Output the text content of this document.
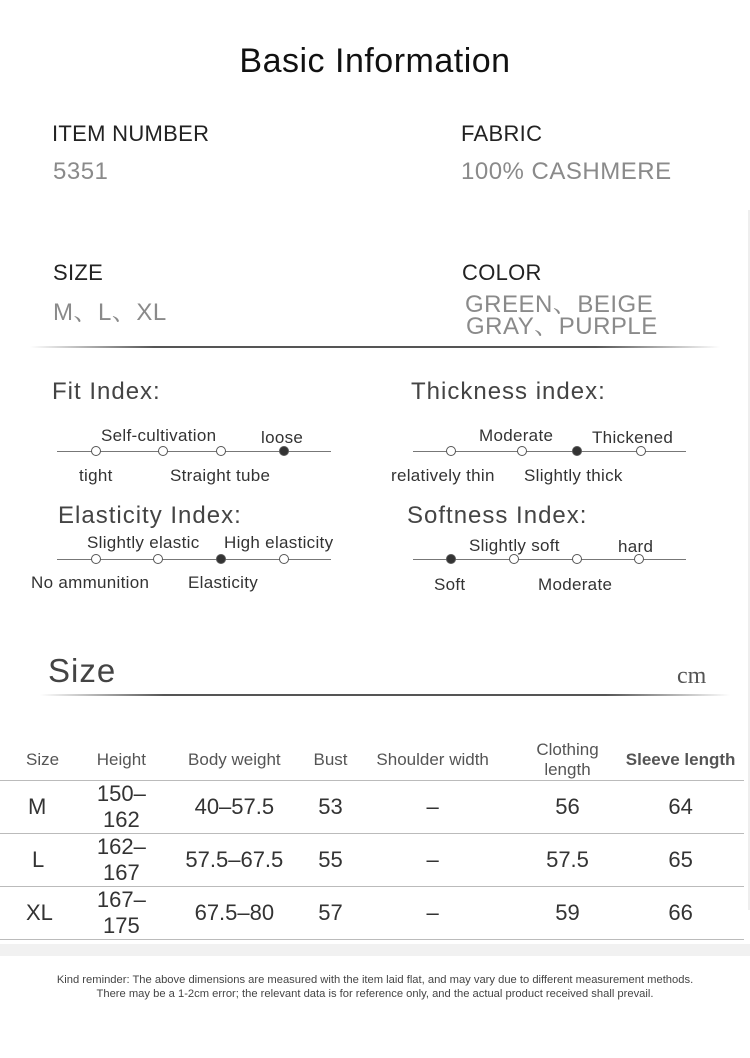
Basic Information
ITEM NUMBER
5351
FABRIC
100% CASHMERE
SIZE
M、L、XL
COLOR
GREEN、BEIGE
GRAY、PURPLE
Fit Index:
tight
Self-cultivation
Straight tube
loose
Thickness index:
relatively thin
Moderate
Slightly thick
Thickened
Elasticity Index:
No ammunition
Slightly elastic
Elasticity
High elasticity
Softness Index:
Soft
Slightly soft
Moderate
hard
Size	cm
Size	Height	Body weight	Bust	Shoulder width	Clothing length	Sleeve length
M	150–162	40–57.5	53	–	56	64
L	162–167	57.5–67.5	55	–	57.5	65
XL	167–175	67.5–80	57	–	59	66
Kind reminder: The above dimensions are measured with the item laid flat, and may vary due to different measurement methods.
There may be a 1-2cm error; the relevant data is for reference only, and the actual product received shall prevail.
